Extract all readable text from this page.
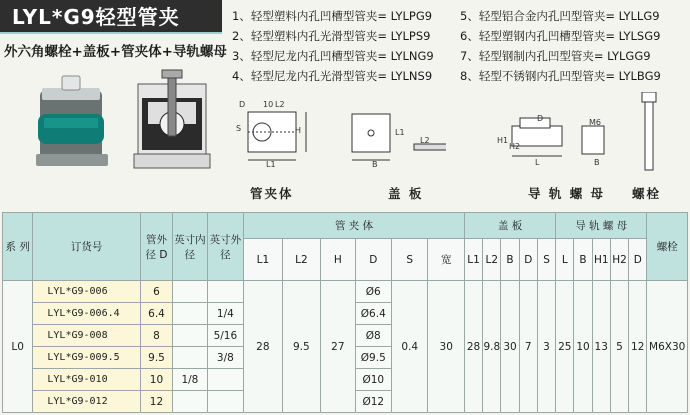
LYL*G9轻型管夹
外六角螺栓+盖板+管夹体+导轨螺母
1、轻型塑料内孔凹槽型管夹= LYLPG9
2、轻型塑料内孔光滑型管夹= LYLPS9
3、轻型尼龙内孔凹槽型管夹= LYLNG9
4、轻型尼龙内孔光滑型管夹= LYLNS9
5、轻型铝合金内孔凹型管夹= LYLLG9
6、轻型塑钢内孔凹槽型管夹= LYLSG9
7、轻型钢制内孔凹型管夹= LYLGG9
8、轻型不锈钢内孔凹型管夹= LYLBG9
D 10 L2
H
L1
S	L1
B
L2
D
H1
H2
L
M6
B
管夹体	盖 板	导 轨 螺 母 螺栓
系 列	订货号	管外径 D	英寸内径	英寸外径	管 夹 体						盖 板					导 轨 螺 母					螺栓
					L1	L2	H	D	S	宽	L1	L2	B	D	S	L	B	H1	H2	D	
L0	LYL*G9-006	6			28	9.5	27	Ø6	0.4	30	28	9.8	30	7	3	25	10	13	5	12	M6X30
	LYL*G9-006.4	6.4		1/4				Ø6.4													
	LYL*G9-008	8		5/16				Ø8													
	LYL*G9-009.5	9.5		3/8				Ø9.5													
	LYL*G9-010	10	1/8					Ø10													
	LYL*G9-012	12						Ø12													
